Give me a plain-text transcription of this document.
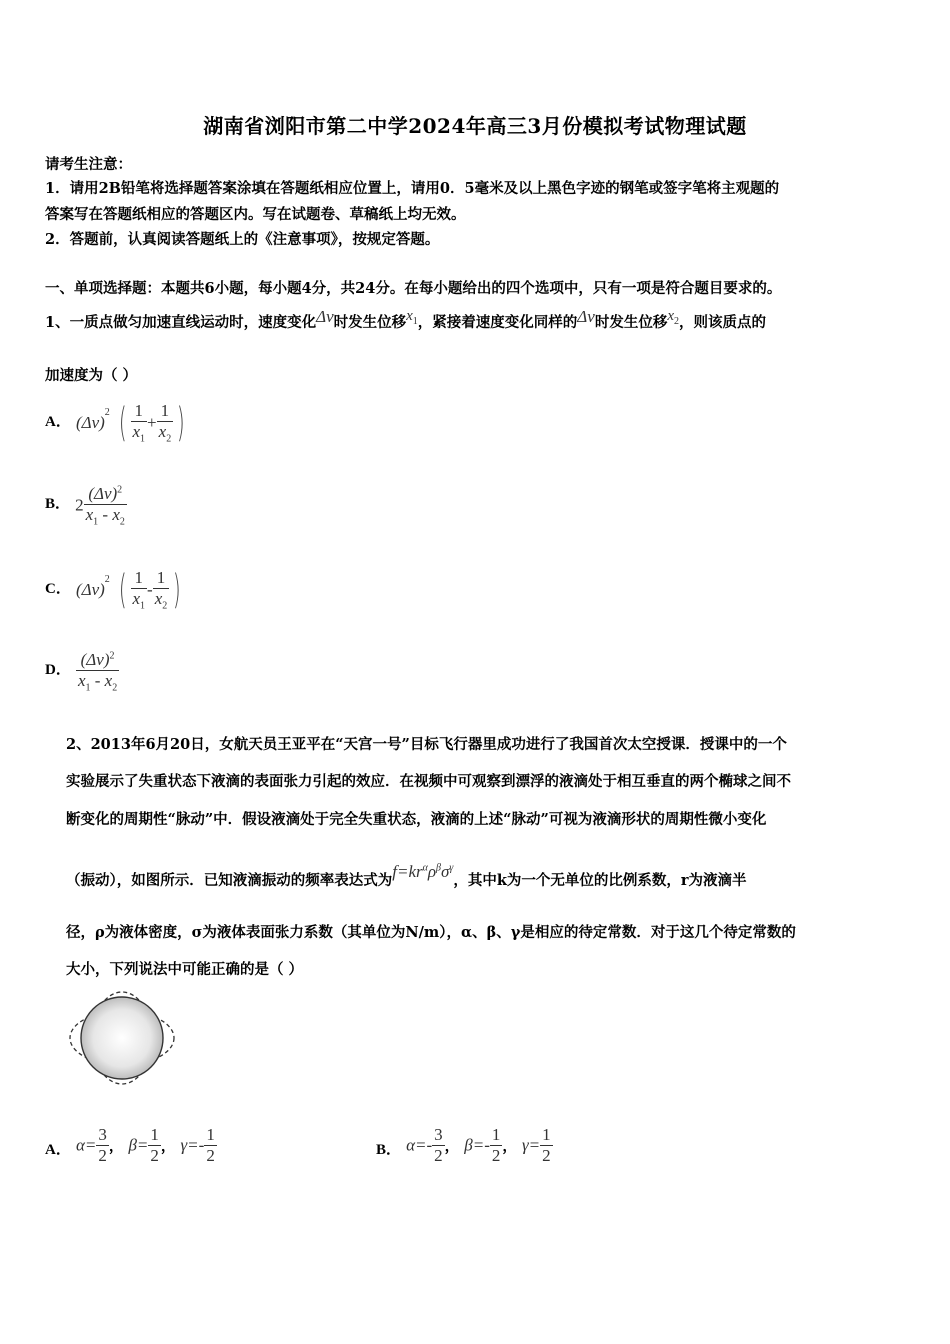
湖南省浏阳市第二中学2024年高三3月份模拟考试物理试题
请考生注意：
1．请用2B铅笔将选择题答案涂填在答题纸相应位置上，请用0．5毫米及以上黑色字迹的钢笔或签字笔将主观题的
答案写在答题纸相应的答题区内。写在试题卷、草稿纸上均无效。
2．答题前，认真阅读答题纸上的《注意事项》，按规定答题。
一、单项选择题：本题共6小题，每小题4分，共24分。在每小题给出的四个选项中，只有一项是符合题目要求的。
1、一质点做匀加速直线运动时，速度变化Δv时发生位移$x_1$，紧接着速度变化同样的Δv时发生位移$x_2$，则该质点的
加速度为（ ）
A． $(\Delta v)^2$ ( $\frac{1}{x_1} + \frac{1}{x_2}$ )
B． $2 \frac{(\Delta v)^2}{x_1 - x_2}$
C． $(\Delta v)^2$ ( $\frac{1}{x_1} - \frac{1}{x_2}$ )
D． $\frac{(\Delta v)^2}{x_1 - x_2}$
2、2013年6月20日，女航天员王亚平在“天宫一号”目标飞行器里成功进行了我国首次太空授课．授课中的一个
实验展示了失重状态下液滴的表面张力引起的效应．在视频中可观察到漂浮的液滴处于相互垂直的两个椭球之间不
断变化的周期性“脉动”中．假设液滴处于完全失重状态，液滴的上述“脉动”可视为液滴形状的周期性微小变化
（振动），如图所示．已知液滴振动的频率表达式为$f=kr^\alpha\rho^\beta\sigma^\gamma$，其中k为一个无单位的比例系数，r为液滴半
径，ρ为液体密度，σ为液体表面张力系数（其单位为N/m），α、β、γ是相应的待定常数．对于这几个待定常数的
大小，下列说法中可能正确的是（ ）
A． $\alpha= \frac{3}{2}$ ， $\beta= \frac{1}{2}$ ， $\gamma=- \frac{1}{2}$	B． $\alpha=- \frac{3}{2}$ ， $\beta=- \frac{1}{2}$ ， $\gamma= \frac{1}{2}$
